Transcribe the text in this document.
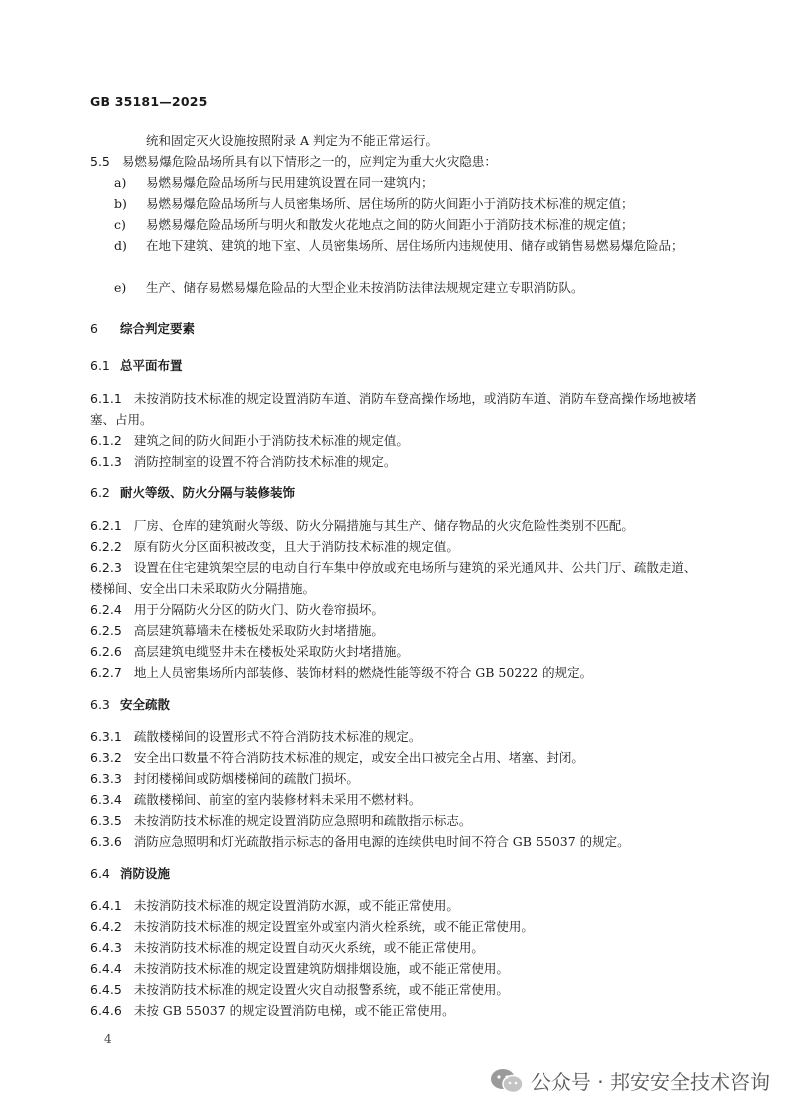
GB 35181—2025
统和固定灭火设施按照附录 A 判定为不能正常运行。
5.5 易燃易爆危险品场所具有以下情形之一的，应判定为重大火灾隐患：
a) 易燃易爆危险品场所与民用建筑设置在同一建筑内；
b) 易燃易爆危险品场所与人员密集场所、居住场所的防火间距小于消防技术标准的规定值；
c) 易燃易爆危险品场所与明火和散发火花地点之间的防火间距小于消防技术标准的规定值；
d) 在地下建筑、建筑的地下室、人员密集场所、居住场所内违规使用、储存或销售易燃易爆危险品；
e) 生产、储存易燃易爆危险品的大型企业未按消防法律法规规定建立专职消防队。
6 综合判定要素
6.1 总平面布置
6.1.1 未按消防技术标准的规定设置消防车道、消防车登高操作场地，或消防车道、消防车登高操作场地被堵塞、占用。
6.1.2 建筑之间的防火间距小于消防技术标准的规定值。
6.1.3 消防控制室的设置不符合消防技术标准的规定。
6.2 耐火等级、防火分隔与装修装饰
6.2.1 厂房、仓库的建筑耐火等级、防火分隔措施与其生产、储存物品的火灾危险性类别不匹配。
6.2.2 原有防火分区面积被改变，且大于消防技术标准的规定值。
6.2.3 设置在住宅建筑架空层的电动自行车集中停放或充电场所与建筑的采光通风井、公共门厅、疏散走道、楼梯间、安全出口未采取防火分隔措施。
6.2.4 用于分隔防火分区的防火门、防火卷帘损坏。
6.2.5 高层建筑幕墙未在楼板处采取防火封堵措施。
6.2.6 高层建筑电缆竖井未在楼板处采取防火封堵措施。
6.2.7 地上人员密集场所内部装修、装饰材料的燃烧性能等级不符合 GB 50222 的规定。
6.3 安全疏散
6.3.1 疏散楼梯间的设置形式不符合消防技术标准的规定。
6.3.2 安全出口数量不符合消防技术标准的规定，或安全出口被完全占用、堵塞、封闭。
6.3.3 封闭楼梯间或防烟楼梯间的疏散门损坏。
6.3.4 疏散楼梯间、前室的室内装修材料未采用不燃材料。
6.3.5 未按消防技术标准的规定设置消防应急照明和疏散指示标志。
6.3.6 消防应急照明和灯光疏散指示标志的备用电源的连续供电时间不符合 GB 55037 的规定。
6.4 消防设施
6.4.1 未按消防技术标准的规定设置消防水源，或不能正常使用。
6.4.2 未按消防技术标准的规定设置室外或室内消火栓系统，或不能正常使用。
6.4.3 未按消防技术标准的规定设置自动灭火系统，或不能正常使用。
6.4.4 未按消防技术标准的规定设置建筑防烟排烟设施，或不能正常使用。
6.4.5 未按消防技术标准的规定设置火灾自动报警系统，或不能正常使用。
6.4.6 未按 GB 55037 的规定设置消防电梯，或不能正常使用。
4
公众号 · 邦安安全技术咨询
